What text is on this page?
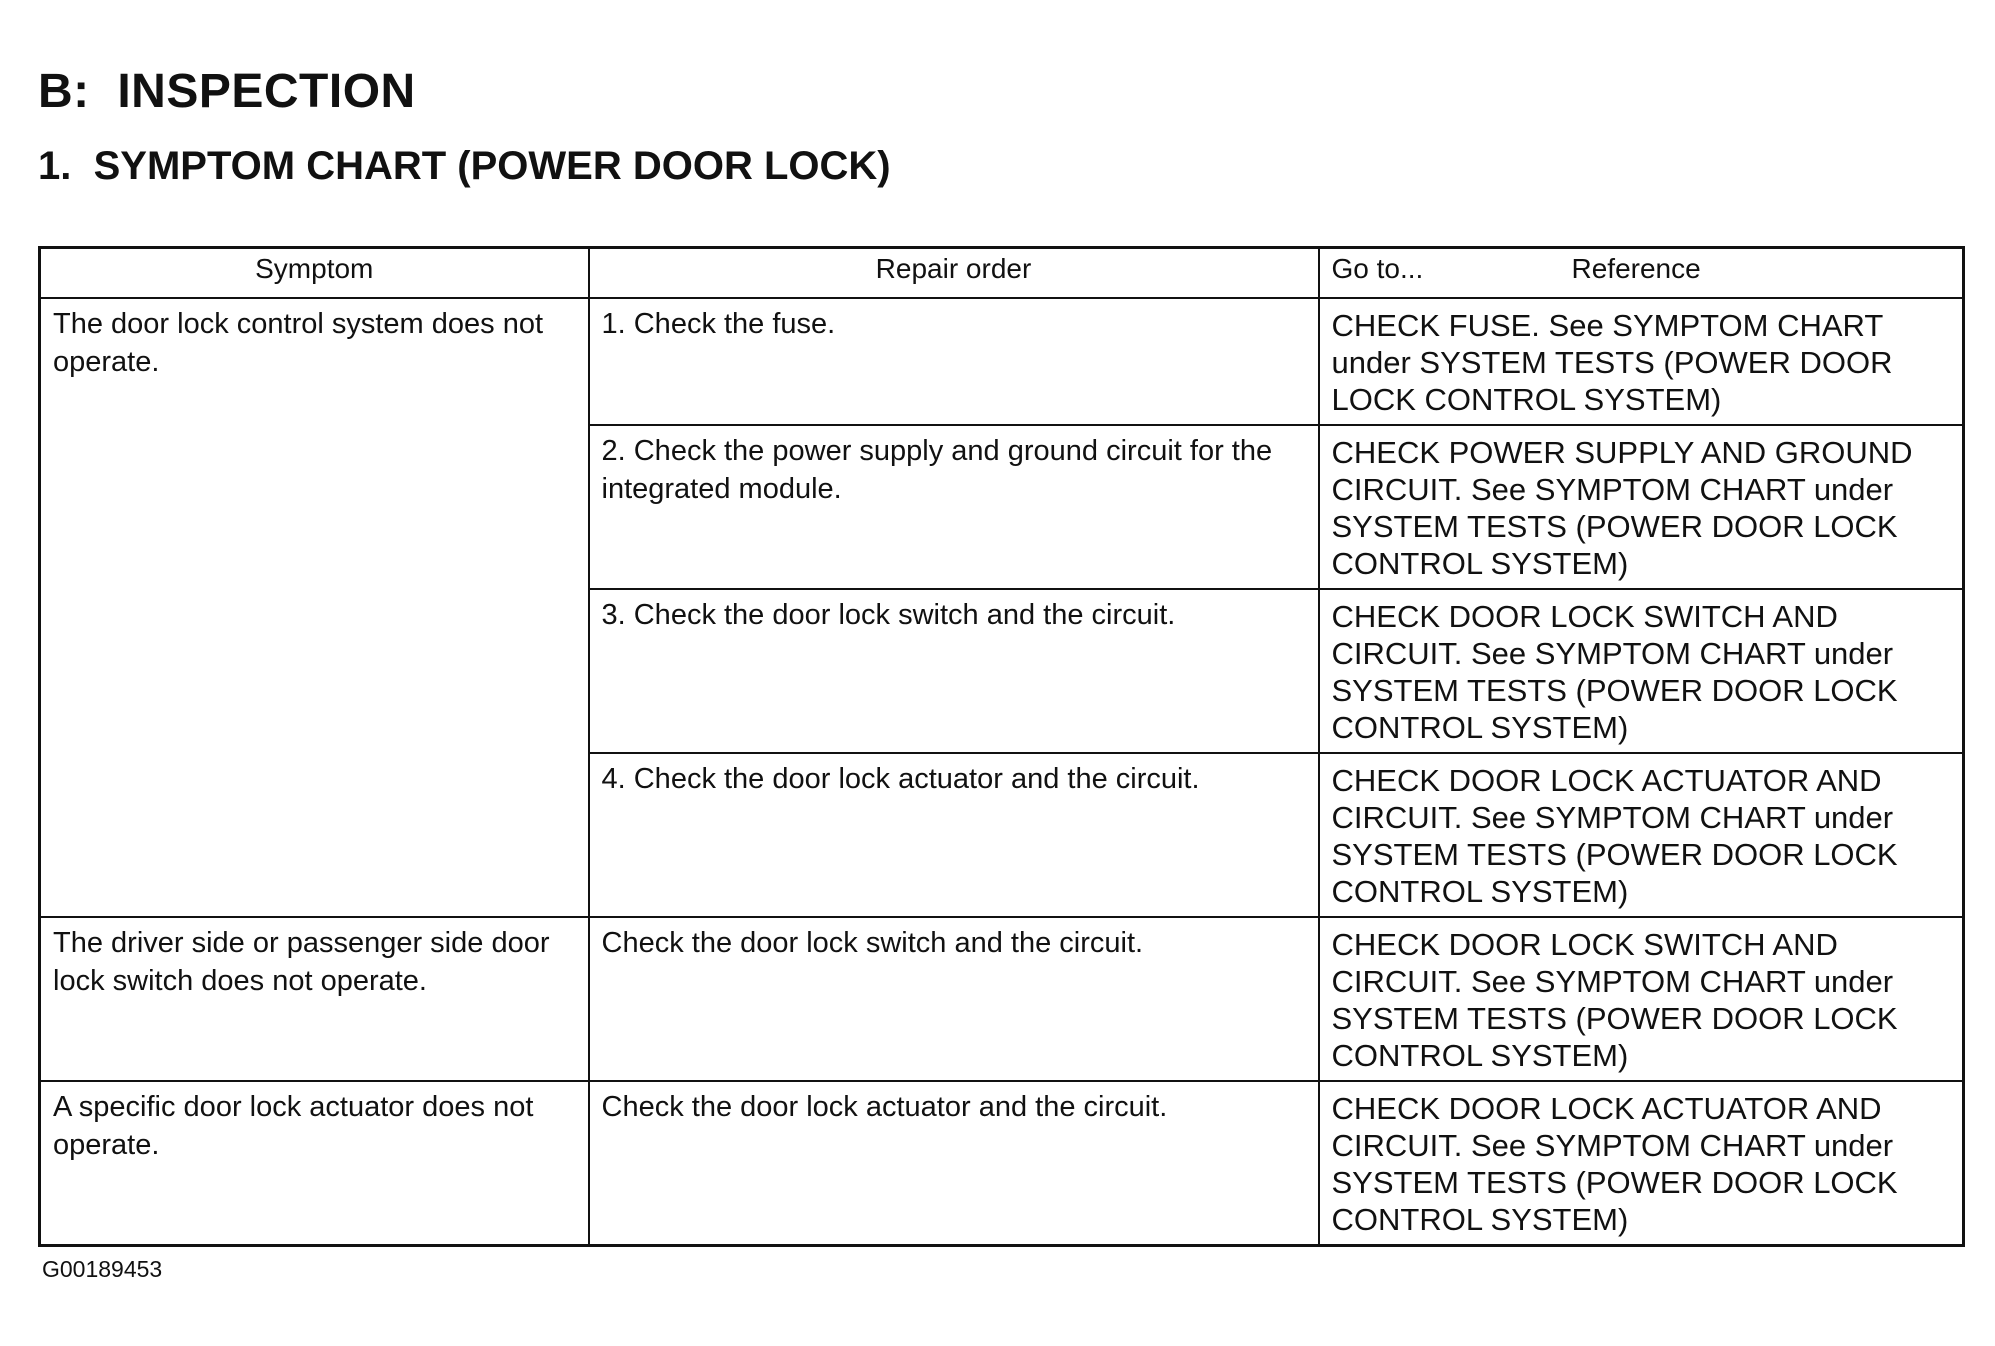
B:  INSPECTION
1.  SYMPTOM CHART (POWER DOOR LOCK)
Symptom	Repair order	Go to... Reference
The door lock control system does not operate.	1. Check the fuse.	CHECK FUSE. See SYMPTOM CHART under SYSTEM TESTS (POWER DOOR LOCK CONTROL SYSTEM)
	2. Check the power supply and ground circuit for the integrated module.	CHECK POWER SUPPLY AND GROUND CIRCUIT. See SYMPTOM CHART under SYSTEM TESTS (POWER DOOR LOCK CONTROL SYSTEM)
	3. Check the door lock switch and the circuit.	CHECK DOOR LOCK SWITCH AND CIRCUIT. See SYMPTOM CHART under SYSTEM TESTS (POWER DOOR LOCK CONTROL SYSTEM)
	4. Check the door lock actuator and the circuit.	CHECK DOOR LOCK ACTUATOR AND CIRCUIT. See SYMPTOM CHART under SYSTEM TESTS (POWER DOOR LOCK CONTROL SYSTEM)
The driver side or passenger side door lock switch does not operate.	Check the door lock switch and the circuit.	CHECK DOOR LOCK SWITCH AND CIRCUIT. See SYMPTOM CHART under SYSTEM TESTS (POWER DOOR LOCK CONTROL SYSTEM)
A specific door lock actuator does not operate.	Check the door lock actuator and the circuit.	CHECK DOOR LOCK ACTUATOR AND CIRCUIT. See SYMPTOM CHART under SYSTEM TESTS (POWER DOOR LOCK CONTROL SYSTEM)
G00189453
